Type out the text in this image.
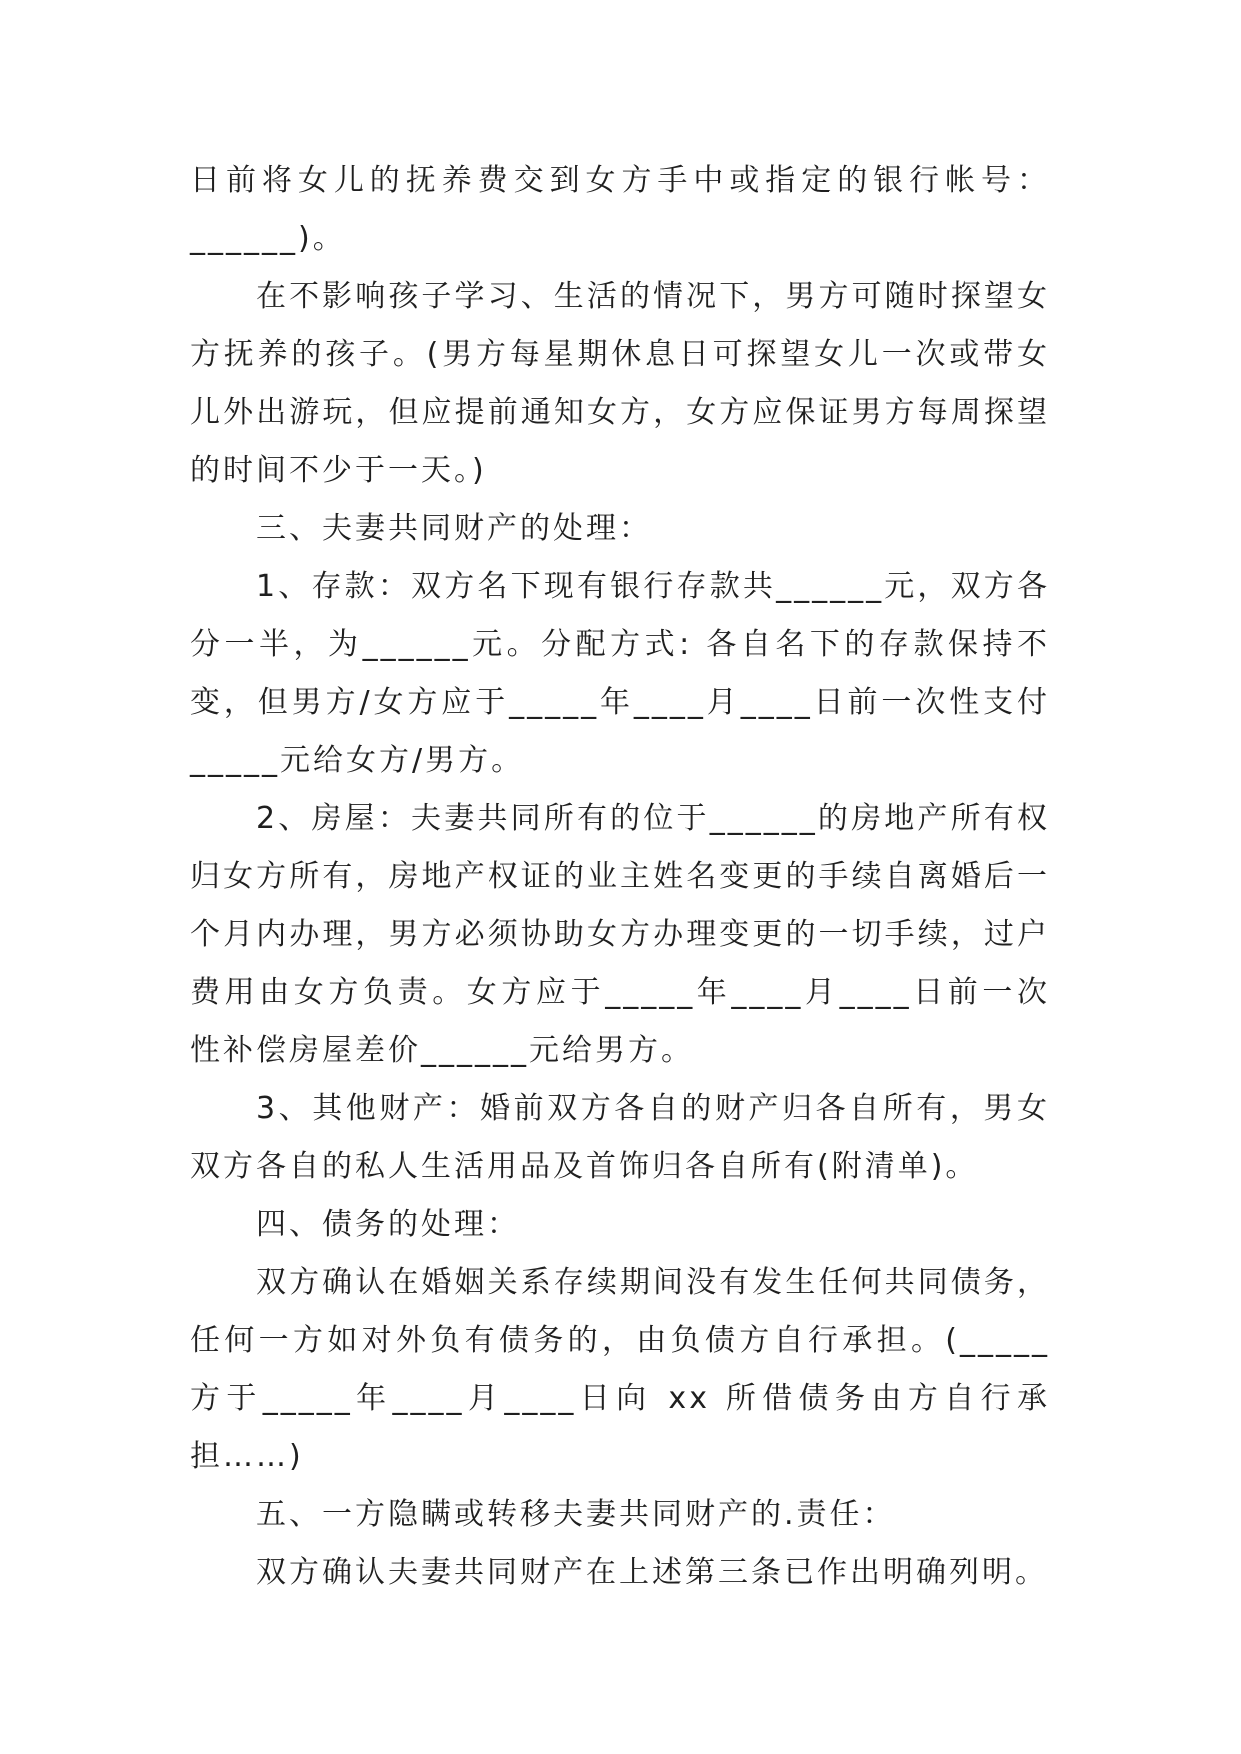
日前将女儿的抚养费交到女方手中或指定的银行帐号：______)。

在不影响孩子学习、生活的情况下，男方可随时探望女方抚养的孩子。(男方每星期休息日可探望女儿一次或带女儿外出游玩，但应提前通知女方，女方应保证男方每周探望的时间不少于一天。)

三、夫妻共同财产的处理：

1、存款：双方名下现有银行存款共______元，双方各分一半，为______元。分配方式: 各自名下的存款保持不变，但男方/女方应于_____年____月____日前一次性支付_____元给女方/男方。

2、房屋：夫妻共同所有的位于______的房地产所有权归女方所有，房地产权证的业主姓名变更的手续自离婚后一个月内办理，男方必须协助女方办理变更的一切手续，过户费用由女方负责。女方应于_____年____月____日前一次性补偿房屋差价______元给男方。

3、其他财产：婚前双方各自的财产归各自所有，男女双方各自的私人生活用品及首饰归各自所有(附清单)。

四、债务的处理：

双方确认在婚姻关系存续期间没有发生任何共同债务，任何一方如对外负有债务的，由负债方自行承担。(_____方于_____年____月____日向 xx 所借债务由方自行承担……)

五、一方隐瞒或转移夫妻共同财产的.责任：

双方确认夫妻共同财产在上述第三条已作出明确列明。
